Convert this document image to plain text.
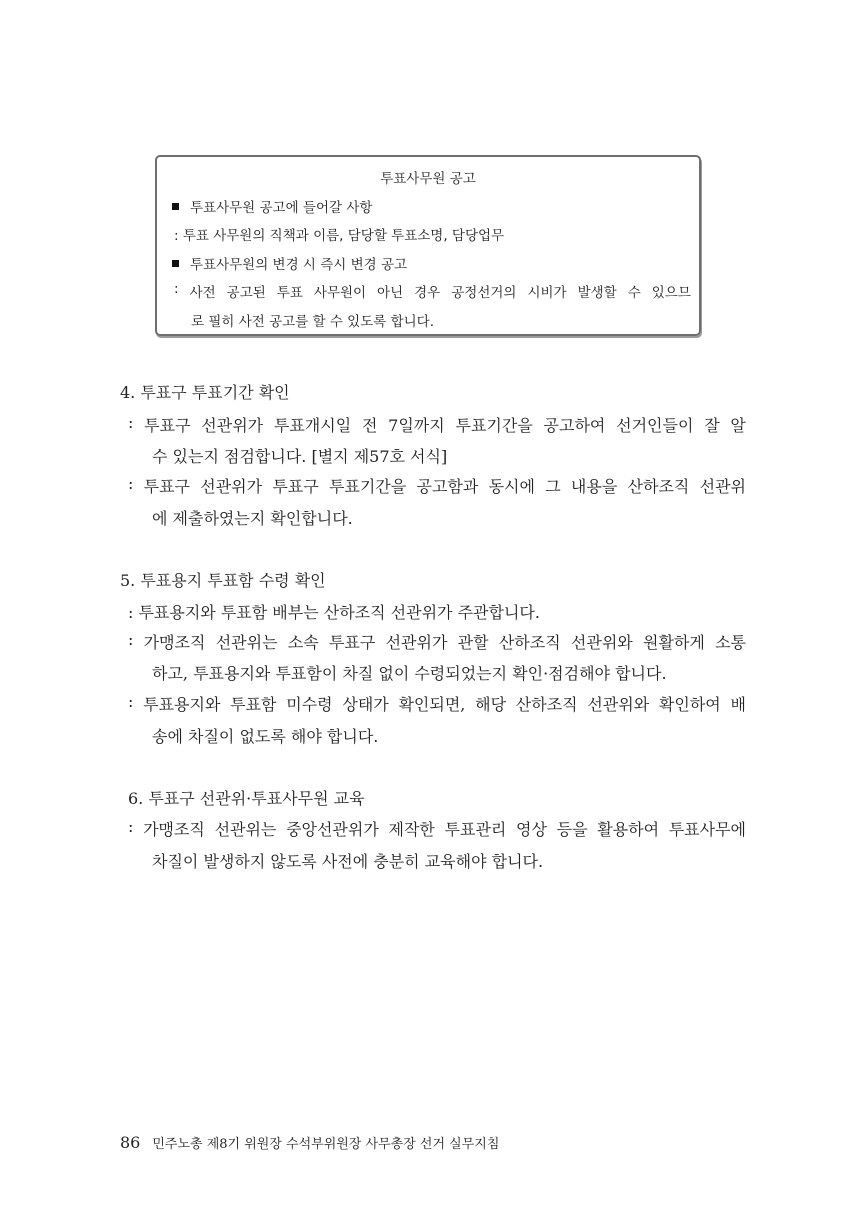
투표사무원 공고
투표사무원 공고에 들어갈 사항
: 투표 사무원의 직책과 이름, 담당할 투표소명, 담당업무
투표사무원의 변경 시 즉시 변경 공고
: 사전 공고된 투표 사무원이 아닌 경우 공정선거의 시비가 발생할 수 있으므
로 필히 사전 공고를 할 수 있도록 합니다.
4. 투표구 투표기간 확인
: 투표구 선관위가 투표개시일 전 7일까지 투표기간을 공고하여 선거인들이 잘 알
수 있는지 점검합니다. [별지 제57호 서식]
: 투표구 선관위가 투표구 투표기간을 공고함과 동시에 그 내용을 산하조직 선관위
에 제출하였는지 확인합니다.
5. 투표용지 투표함 수령 확인
: 투표용지와 투표함 배부는 산하조직 선관위가 주관합니다.
: 가맹조직 선관위는 소속 투표구 선관위가 관할 산하조직 선관위와 원활하게 소통
하고, 투표용지와 투표함이 차질 없이 수령되었는지 확인·점검해야 합니다.
: 투표용지와 투표함 미수령 상태가 확인되면, 해당 산하조직 선관위와 확인하여 배
송에 차질이 없도록 해야 합니다.
6. 투표구 선관위·투표사무원 교육
: 가맹조직 선관위는 중앙선관위가 제작한 투표관리 영상 등을 활용하여 투표사무에
차질이 발생하지 않도록 사전에 충분히 교육해야 합니다.
86 민주노총 제8기 위원장 수석부위원장 사무총장 선거 실무지침
